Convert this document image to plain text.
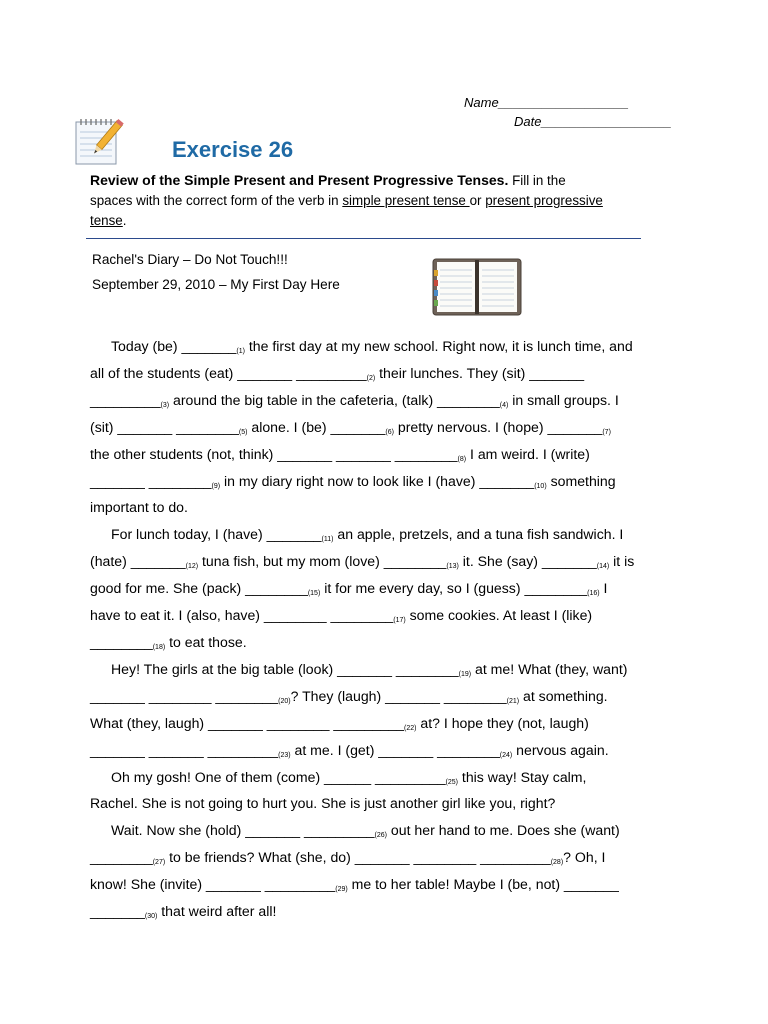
Name__________________
Date__________________
Exercise 26
Review of the Simple Present and Present Progressive Tenses. Fill in the spaces with the correct form of the verb in simple present tense or present progressive tense.
Rachel's Diary – Do Not Touch!!!
September 29, 2010 – My First Day Here

Today (be) $\_\_\_\_\_\_\__{(1)}$ the first day at my new school. Right now, it is lunch time, and
all of the students (eat) _______ $\_\_\_\_\_\_\_\_\__{(2)}$ their lunches. They (sit) _______
$\_\_\_\_\_\_\_\_\__{(3)}$ around the big table in the cafeteria, (talk) $\_\_\_\_\_\_\_\__{(4)}$ in small groups. I
(sit) _______ $\_\_\_\_\_\_\_\__{(5)}$ alone. I (be) $\_\_\_\_\_\_\__{(6)}$ pretty nervous. I (hope) $\_\_\_\_\_\_\__{(7)}$
the other students (not, think) _______ _______ $\_\_\_\_\_\_\_\__{(8)}$ I am weird. I (write)
_______ $\_\_\_\_\_\_\_\__{(9)}$ in my diary right now to look like I (have) $\_\_\_\_\_\_\__{(10)}$ something
important to do.

For lunch today, I (have) $\_\_\_\_\_\_\__{(11)}$ an apple, pretzels, and a tuna fish sandwich. I
(hate) $\_\_\_\_\_\_\__{(12)}$ tuna fish, but my mom (love) $\_\_\_\_\_\_\_\__{(13)}$ it. She (say) $\_\_\_\_\_\_\__{(14)}$ it is
good for me. She (pack) $\_\_\_\_\_\_\_\__{(15)}$ it for me every day, so I (guess) $\_\_\_\_\_\_\_\__{(16)}$ I
have to eat it. I (also, have) ________ $\_\_\_\_\_\_\_\__{(17)}$ some cookies. At least I (like)
$\_\_\_\_\_\_\_\__{(18)}$ to eat those.

Hey! The girls at the big table (look) _______ $\_\_\_\_\_\_\_\__{(19)}$ at me! What (they, want)
_______ ________ $\_\_\_\_\_\_\_\__{(20)}$? They (laugh) _______ $\_\_\_\_\_\_\_\__{(21)}$ at something.
What (they, laugh) _______ ________ $\_\_\_\_\_\_\_\_\__{(22)}$ at? I hope they (not, laugh)
_______ _______ $\_\_\_\_\_\_\_\_\__{(23)}$ at me. I (get) _______ $\_\_\_\_\_\_\_\__{(24)}$ nervous again.

Oh my gosh! One of them (come) ______ $\_\_\_\_\_\_\_\_\__{(25)}$ this way! Stay calm,
Rachel. She is not going to hurt you. She is just another girl like you, right?

Wait. Now she (hold) _______ $\_\_\_\_\_\_\_\_\__{(26)}$ out her hand to me. Does she (want)
$\_\_\_\_\_\_\_\__{(27)}$ to be friends? What (she, do) _______ ________ $\_\_\_\_\_\_\_\_\__{(28)}$? Oh, I
know! She (invite) _______ $\_\_\_\_\_\_\_\_\__{(29)}$ me to her table! Maybe I (be, not) _______
$\_\_\_\_\_\_\__{(30)}$ that weird after all!
